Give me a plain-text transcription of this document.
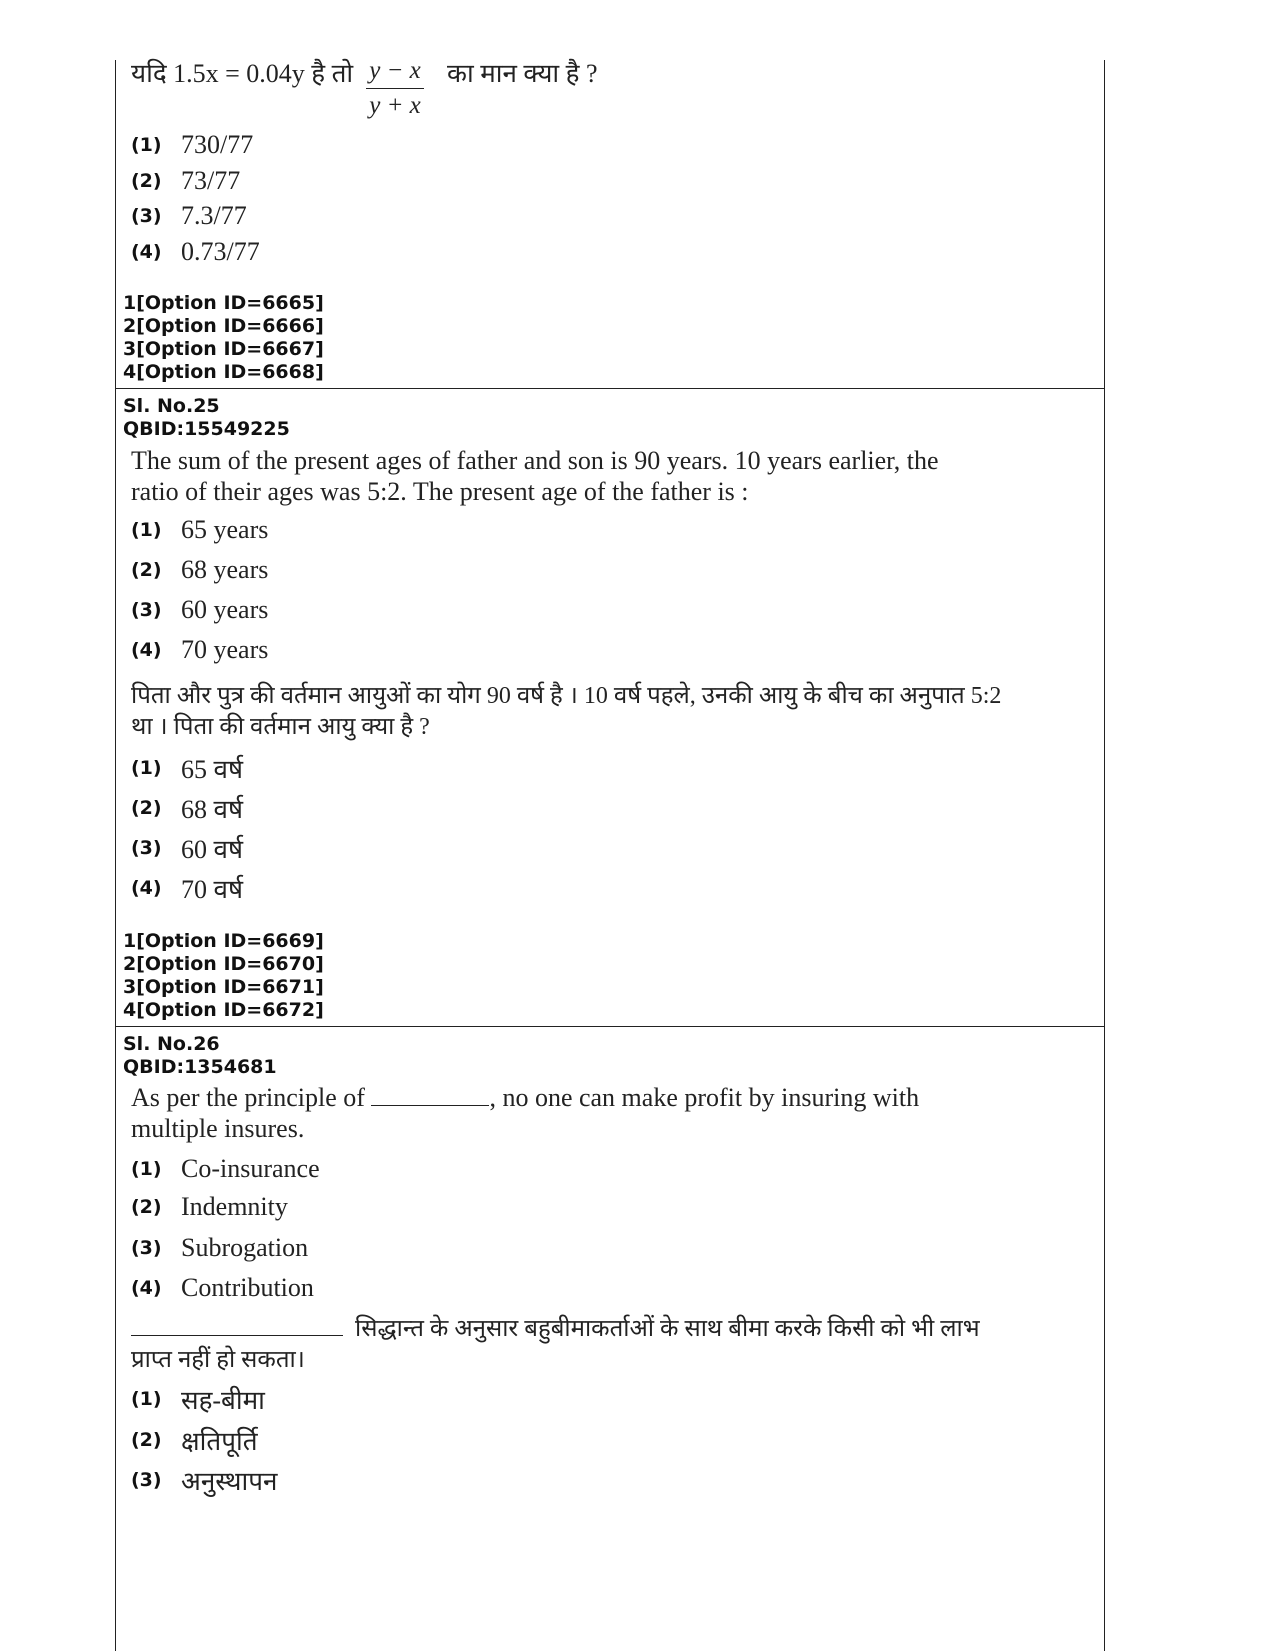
यदि 1.5x = 0.04y है तो y − x
y + x
का मान क्या है ?
(1) 730/77
(2) 73/77
(3) 7.3/77
(4) 0.73/77
1[Option ID=6665]
2[Option ID=6666]
3[Option ID=6667]
4[Option ID=6668]
Sl. No.25
QBID:15549225
The sum of the present ages of father and son is 90 years. 10 years earlier, the
ratio of their ages was 5:2. The present age of the father is :
(1) 65 years
(2) 68 years
(3) 60 years
(4) 70 years
पिता और पुत्र की वर्तमान आयुओं का योग 90 वर्ष है । 10 वर्ष पहले, उनकी आयु के बीच का अनुपात 5:2
था । पिता की वर्तमान आयु क्या है ?
(1) 65 वर्ष
(2) 68 वर्ष
(3) 60 वर्ष
(4) 70 वर्ष
1[Option ID=6669]
2[Option ID=6670]
3[Option ID=6671]
4[Option ID=6672]
Sl. No.26
QBID:1354681
As per the principle of	, no one can make profit by insuring with
multiple insures.
(1) Co-insurance
(2) Indemnity
(3) Subrogation
(4) Contribution
सिद्धान्त के अनुसार बहुबीमाकर्ताओं के साथ बीमा करके किसी को भी लाभ
प्राप्त नहीं हो सकता।
(1) सह-बीमा
(2) क्षतिपूर्ति
(3) अनुस्थापन
